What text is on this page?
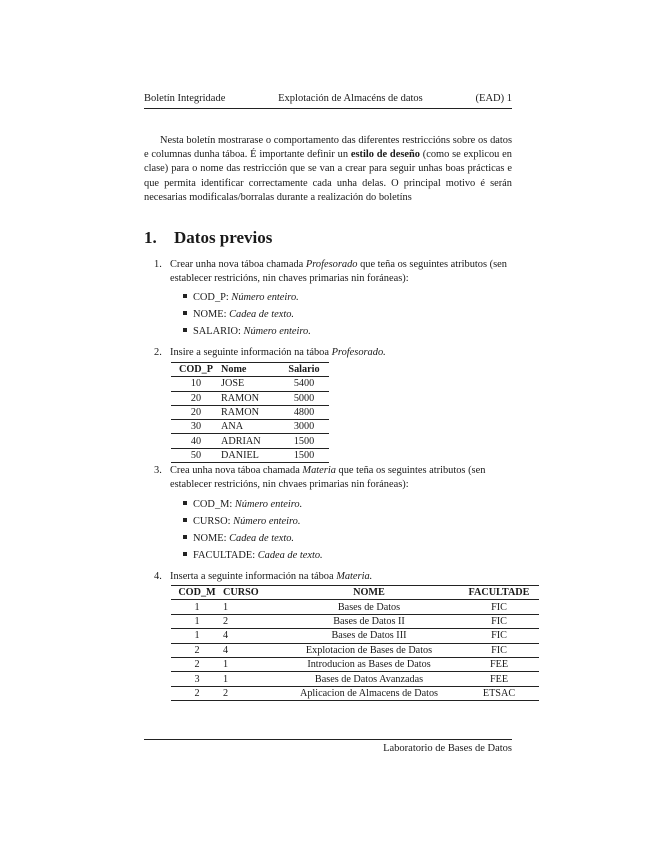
Boletín Integridade	Explotación de Almacéns de datos	(EAD) 1
Nesta boletín mostrarase o comportamento das diferentes restriccións sobre os datos e columnas dunha táboa. É importante definir un estilo de deseño (como se explicou en clase) para o nome das restricción que se van a crear para seguir unhas boas prácticas e que permita identificar correctamente cada unha delas. O principal motivo é serán necesarias modificalas/borralas durante a realización do boletíns
1. Datos previos
1. Crear unha nova táboa chamada Profesorado que teña os seguintes atributos (sen establecer restricións, nin chaves primarias nin foráneas):
COD_P: Número enteiro.
NOME: Cadea de texto.
SALARIO: Número enteiro.
2. Insire a seguinte información na táboa Profesorado.
COD_P	Nome	Salario
10	JOSE	5400
20	RAMON	5000
20	RAMON	4800
30	ANA	3000
40	ADRIAN	1500
50	DANIEL	1500
3. Crea unha nova táboa chamada Materia que teña os seguintes atributos (sen establecer restricións, nin chvaes primarias nin foráneas):
COD_M: Número enteiro.
CURSO: Número enteiro.
NOME: Cadea de texto.
FACULTADE: Cadea de texto.
4. Inserta a seguinte información na táboa Materia.
COD_M	CURSO	NOME	FACULTADE
1	1	Bases de Datos	FIC
1	2	Bases de Datos II	FIC
1	4	Bases de Datos III	FIC
2	4	Explotacion de Bases de Datos	FIC
2	1	Introducion as Bases de Datos	FEE
3	1	Bases de Datos Avanzadas	FEE
2	2	Aplicacion de Almacens de Datos	ETSAC
Laboratorio de Bases de Datos
